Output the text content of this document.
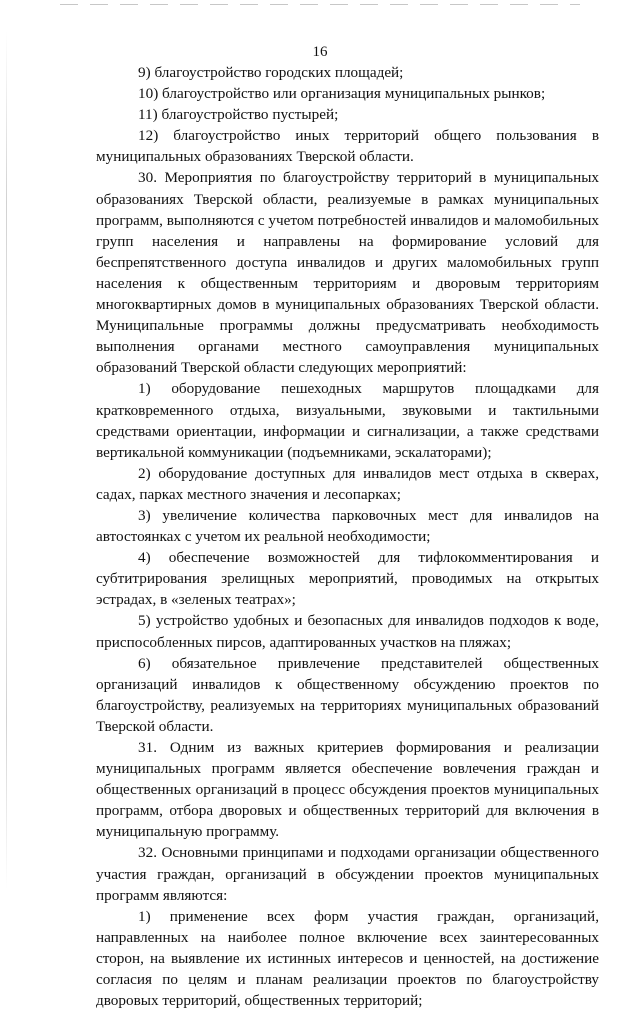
16

9) благоустройство городских площадей;

10) благоустройство или организация муниципальных рынков;

11) благоустройство пустырей;

12) благоустройство иных территорий общего пользования в муниципальных образованиях Тверской области.

30. Мероприятия по благоустройству территорий в муниципальных образованиях Тверской области, реализуемые в рамках муниципальных программ, выполняются с учетом потребностей инвалидов и маломобильных групп населения и направлены на формирование условий для беспрепятственного доступа инвалидов и других маломобильных групп населения к общественным территориям и дворовым территориям многоквартирных домов в муниципальных образованиях Тверской области. Муниципальные программы должны предусматривать необходимость выполнения органами местного самоуправления муниципальных образований Тверской области следующих мероприятий:

1) оборудование пешеходных маршрутов площадками для кратковременного отдыха, визуальными, звуковыми и тактильными средствами ориентации, информации и сигнализации, а также средствами вертикальной коммуникации (подъемниками, эскалаторами);

2) оборудование доступных для инвалидов мест отдыха в скверах, садах, парках местного значения и лесопарках;

3) увеличение количества парковочных мест для инвалидов на автостоянках с учетом их реальной необходимости;

4) обеспечение возможностей для тифлокомментирования и субтитрирования зрелищных мероприятий, проводимых на открытых эстрадах, в «зеленых театрах»;

5) устройство удобных и безопасных для инвалидов подходов к воде, приспособленных пирсов, адаптированных участков на пляжах;

6) обязательное привлечение представителей общественных организаций инвалидов к общественному обсуждению проектов по благоустройству, реализуемых на территориях муниципальных образований Тверской области.

31. Одним из важных критериев формирования и реализации муниципальных программ является обеспечение вовлечения граждан и общественных организаций в процесс обсуждения проектов муниципальных программ, отбора дворовых и общественных территорий для включения в муниципальную программу.

32. Основными принципами и подходами организации общественного участия граждан, организаций в обсуждении проектов муниципальных программ являются:

1) применение всех форм участия граждан, организаций, направленных на наиболее полное включение всех заинтересованных сторон, на выявление их истинных интересов и ценностей, на достижение согласия по целям и планам реализации проектов по благоустройству дворовых территорий, общественных территорий;
